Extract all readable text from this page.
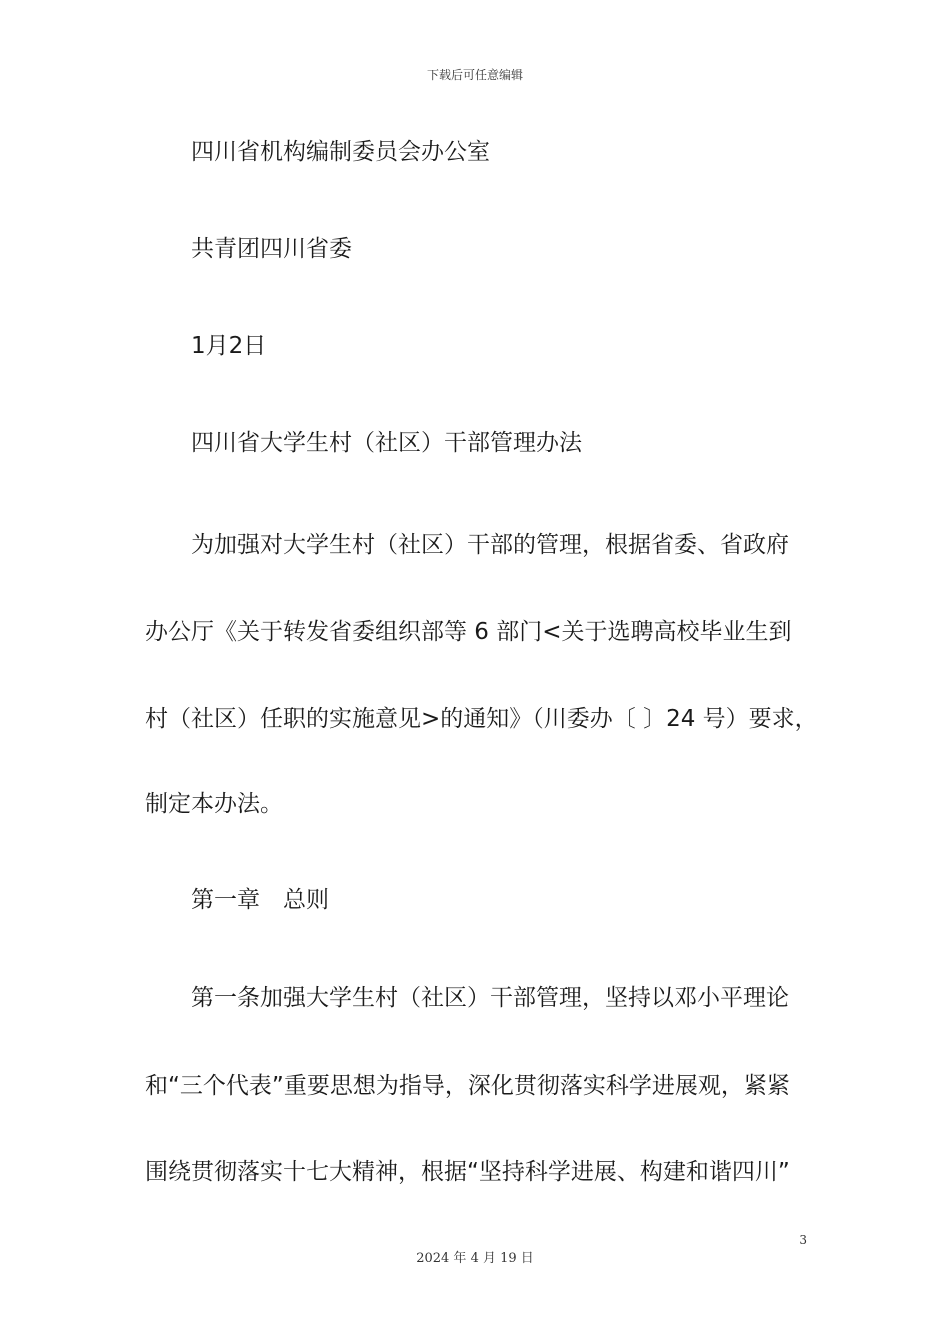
下载后可任意编辑
四川省机构编制委员会办公室
共青团四川省委
1月2日
四川省大学生村（社区）干部管理办法
为加强对大学生村（社区）干部的管理，根据省委、省政府
办公厅《关于转发省委组织部等 6 部门<关于选聘高校毕业生到
村（社区）任职的实施意见>的通知》（川委办〔 〕24 号）要求，
制定本办法。
第一章　总则
第一条加强大学生村（社区）干部管理，坚持以邓小平理论
和“三个代表”重要思想为指导，深化贯彻落实科学进展观，紧紧
围绕贯彻落实十七大精神，根据“坚持科学进展、构建和谐四川”
3
2024 年 4 月 19 日
